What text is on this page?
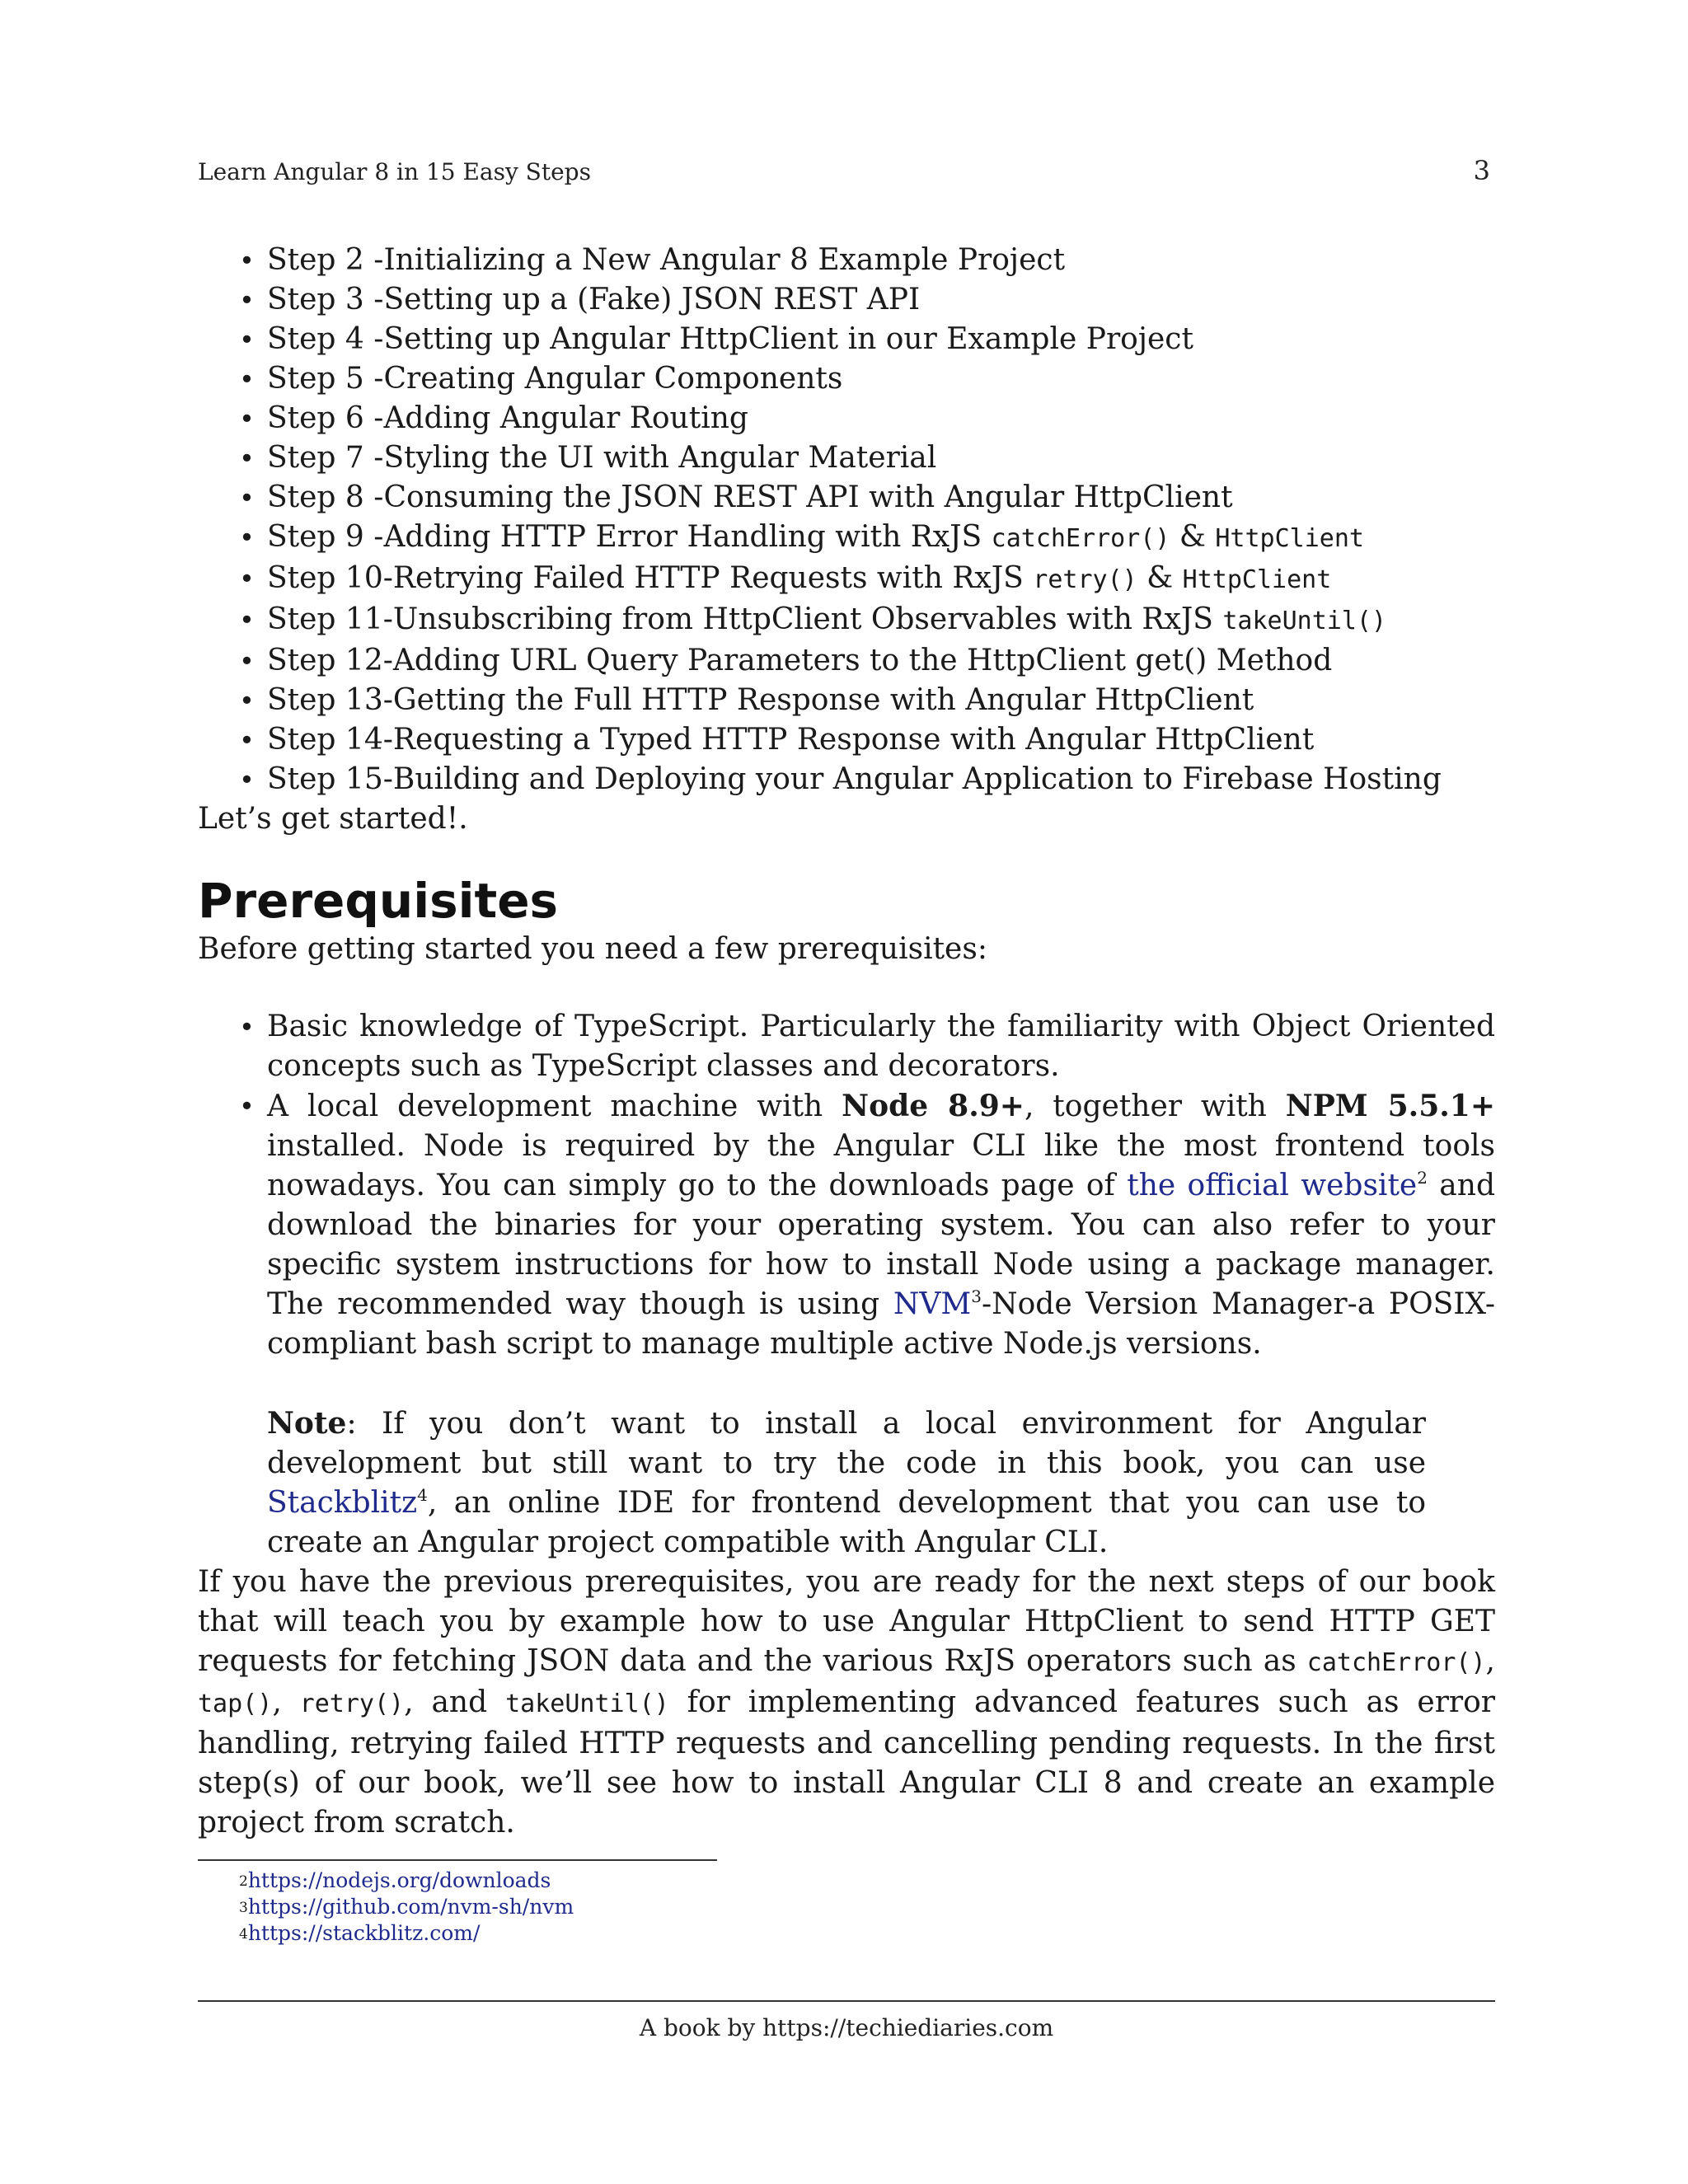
Learn Angular 8 in 15 Easy Steps	3
• Step 2 -Initializing a New Angular 8 Example Project
• Step 3 -Setting up a (Fake) JSON REST API
• Step 4 -Setting up Angular HttpClient in our Example Project
• Step 5 -Creating Angular Components
• Step 6 -Adding Angular Routing
• Step 7 -Styling the UI with Angular Material
• Step 8 -Consuming the JSON REST API with Angular HttpClient
• Step 9 -Adding HTTP Error Handling with RxJS catchError() & HttpClient
• Step 10-Retrying Failed HTTP Requests with RxJS retry() & HttpClient
• Step 11-Unsubscribing from HttpClient Observables with RxJS takeUntil()
• Step 12-Adding URL Query Parameters to the HttpClient get() Method
• Step 13-Getting the Full HTTP Response with Angular HttpClient
• Step 14-Requesting a Typed HTTP Response with Angular HttpClient
• Step 15-Building and Deploying your Angular Application to Firebase Hosting

Let’s get started!.

Prerequisites

Before getting started you need a few prerequisites:

• Basic knowledge of TypeScript. Particularly the familiarity with Object Oriented concepts such as TypeScript classes and decorators.
• A local development machine with Node 8.9+, together with NPM 5.5.1+ installed. Node is required by the Angular CLI like the most frontend tools nowadays. You can simply go to the downloads page of the official website$^2$ and download the binaries for your operating system. You can also refer to your specific system instructions for how to install Node using a package manager. The recommended way though is using NVM$^3$-Node Version Manager-a POSIX-compliant bash script to manage multiple active Node.js versions.
Note: If you don’t want to install a local environment for Angular development but still want to try the code in this book, you can use Stackblitz$^4$, an online IDE for frontend development that you can use to create an Angular project compatible with Angular CLI.

If you have the previous prerequisites, you are ready for the next steps of our book that will teach you by example how to use Angular HttpClient to send HTTP GET requests for fetching JSON data and the various RxJS operators such as catchError(), tap(), retry(), and takeUntil() for implementing advanced features such as error handling, retrying failed HTTP requests and cancelling pending requests. In the first step(s) of our book, we’ll see how to install Angular CLI 8 and create an example project from scratch.

$^2$https://nodejs.org/downloads
$^3$https://github.com/nvm-sh/nvm
$^4$https://stackblitz.com/
A book by https://techiediaries.com
